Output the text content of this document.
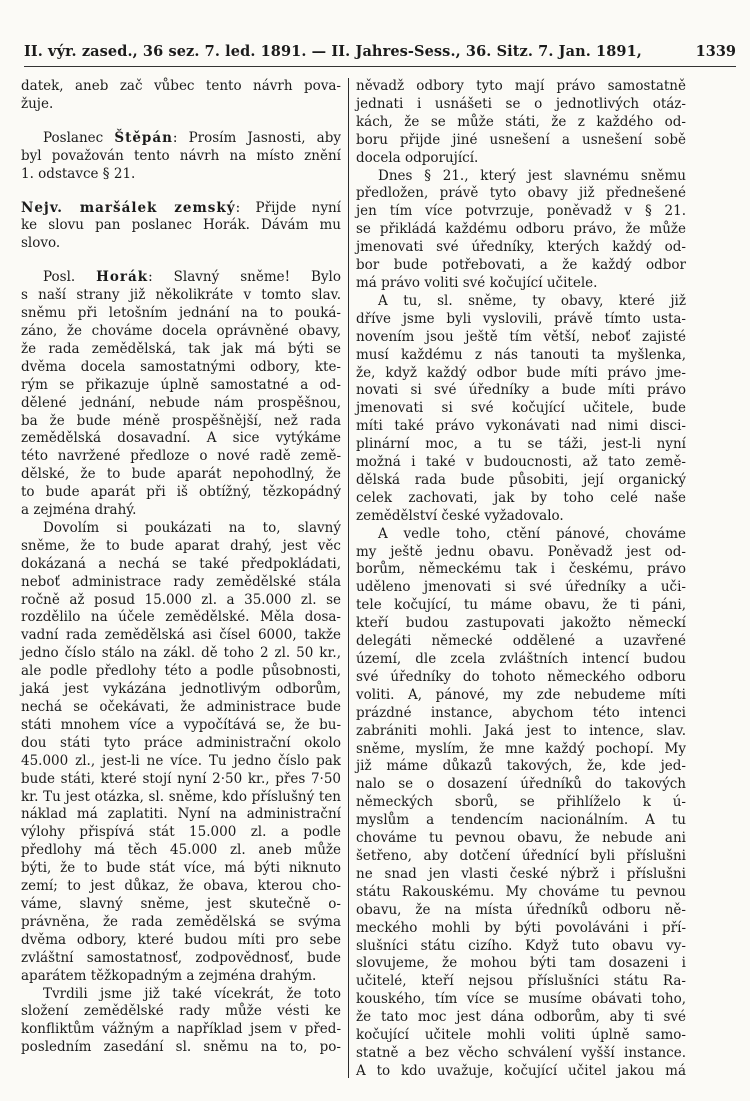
II. výr. zased., 36 sez. 7. led. 1891. — II. Jahres-Sess., 36. Sitz. 7. Jan. 1891,	1339
datek, aneb zač vůbec tento návrh pova-
žuje.
Poslanec Štěpán: Prosím Jasnosti, aby
byl považován tento návrh na místo znění
1. odstavce § 21.
Nejv. maršálek zemský: Přijde nyní
ke slovu pan poslanec Horák. Dávám mu
slovo.
Posl. Horák: Slavný sněme! Bylo
s naší strany již několikráte v tomto slav.
sněmu při letošním jednání na to pouká-
záno, že chováme docela oprávněné obavy,
že rada zemědělská, tak jak má býti se
dvěma docela samostatnými odbory, kte-
rým se přikazuje úplně samostatné a od-
dělené jednání, nebude nám prospěšnou,
ba že bude méně prospěšnější, než rada
zemědělská dosavadní. A sice vytýkáme
této navržené předloze o nové radě země-
dělské, že to bude aparát nepohodlný, že
to bude aparát při iš obtížný, tězkopádný
a zejména drahý.
Dovolím si poukázati na to, slavný
sněme, že to bude aparat drahý, jest věc
dokázaná a nechá se také předpokládati,
neboť administrace rady zemědělské stála
ročně až posud 15.000 zl. a 35.000 zl. se
rozdělilo na účele zemědělské. Měla dosa-
vadní rada zemědělská asi čísel 6000, takže
jedno číslo stálo na zákl. dě toho 2 zl. 50 kr.,
ale podle předlohy této a podle působnosti,
jaká jest vykázána jednotlivým odborům,
nechá se očekávati, že administrace bude
státi mnohem více a vypočítává se, že bu-
dou státi tyto práce administrační okolo
45.000 zl., jest-li ne více. Tu jedno číslo pak
bude státi, které stojí nyní 2·50 kr., přes 7·50
kr. Tu jest otázka, sl. sněme, kdo příslušný ten
náklad má zaplatiti. Nyní na administrační
výlohy přispívá stát 15.000 zl. a podle
předlohy má těch 45.000 zl. aneb může
býti, že to bude stát více, má býti niknuto
zemí; to jest důkaz, že obava, kterou cho-
váme, slavný sněme, jest skutečně o-
právněna, že rada zemědělská se svýma
dvěma odbory, které budou míti pro sebe
zvláštní samostatnosť, zodpovědnosť, bude
aparátem těžkopadným a zejména drahým.
Tvrdili jsme již také vícekrát, že toto
složení zemědělské rady může vésti ke
konfliktům vážným a například jsem v před-
posledním zasedání sl. sněmu na to, po-
něvadž odbory tyto mají právo samostatně
jednati i usnášeti se o jednotlivých otáz-
kách, že se může státi, že z každého od-
boru přijde jiné usnešení a usnešení sobě
docela odporující.
Dnes § 21., který jest slavnému sněmu
předložen, právě tyto obavy již přednešené
jen tím více potvrzuje, poněvadž v § 21.
se přikládá každému odboru právo, že může
jmenovati své úředníky, kterých každý od-
bor bude potřebovati, a že každý odbor
má právo voliti své kočující učitele.
A tu, sl. sněme, ty obavy, které již
dříve jsme byli vyslovili, právě tímto usta-
novením jsou ještě tím větší, neboť zajisté
musí každému z nás tanouti ta myšlenka,
že, když každý odbor bude míti právo jme-
novati si své úředníky a bude míti právo
jmenovati si své kočující učitele, bude
míti také právo vykonávati nad nimi disci-
plinární moc, a tu se táži, jest-li nyní
možná i také v budoucnosti, až tato země-
dělská rada bude působiti, její organický
celek zachovati, jak by toho celé naše
zemědělství české vyžadovalo.
A vedle toho, ctění pánové, chováme
my ještě jednu obavu. Poněvadž jest od-
borům, německému tak i českému, právo
uděleno jmenovati si své úředníky a uči-
tele kočující, tu máme obavu, že ti páni,
kteří budou zastupovati jakožto německí
delegáti německé oddělené a uzavřené
území, dle zcela zvláštních intencí budou
své úředníky do tohoto německého odboru
voliti. A, pánové, my zde nebudeme míti
prázdné instance, abychom této intenci
zabrániti mohli. Jaká jest to intence, slav.
sněme, myslím, že mne každý pochopí. My
již máme důkazů takových, že, kde jed-
nalo se o dosazení úředníků do takových
německých sborů, se přihlíželo k ú-
myslům a tendencím nacionálním. A tu
chováme tu pevnou obavu, že nebude ani
šetřeno, aby dotčení úřednící byli příslušni
ne snad jen vlasti české nýbrž i příslušni
státu Rakouskému. My chováme tu pevnou
obavu, že na místa úředníků odboru ně-
meckého mohli by býti povoláváni i pří-
slušníci státu cizího. Když tuto obavu vy-
slovujeme, že mohou býti tam dosazeni i
učitelé, kteří nejsou příslušníci státu Ra-
kouského, tím více se musíme obávati toho,
že tato moc jest dána odborům, aby ti své
kočující učitele mohli voliti úplně samo-
statně a bez věcho schválení vyšší instance.
A to kdo uvažuje, kočující učitel jakou má
